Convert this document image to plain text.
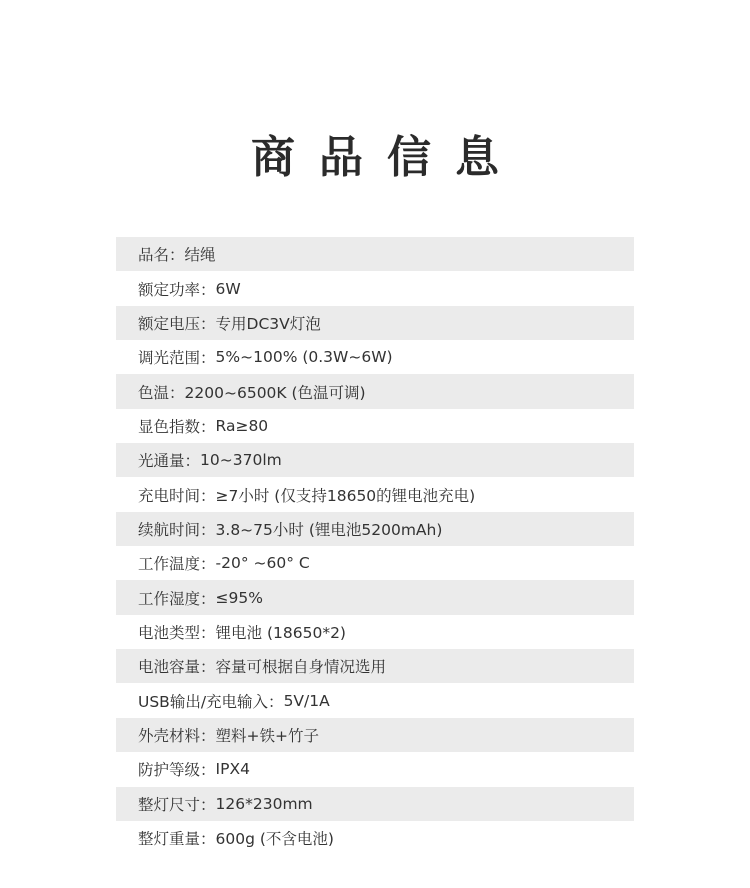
商品信息
品名 ： 结绳
额定功率 ： 6W
额定电压 ： 专用DC3V灯泡
调光范围 ： 5%~100% (0.3W~6W)
色温 ： 2200~6500K (色温可调)
显色指数 ： Ra≥80
光通量 ： 10~370lm
充电时间 ： ≥7小时 (仅支持18650的锂电池充电)
续航时间 ： 3.8~75小时 (锂电池5200mAh)
工作温度 ： -20° ~60° C
工作湿度 ： ≤95%
电池类型 ： 锂电池 (18650*2)
电池容量 ： 容量可根据自身情况选用
USB输出/充电输入 ： 5V/1A
外壳材料 ： 塑料+铁+竹子
防护等级 ： IPX4
整灯尺寸 ： 126*230mm
整灯重量 ： 600g (不含电池)
